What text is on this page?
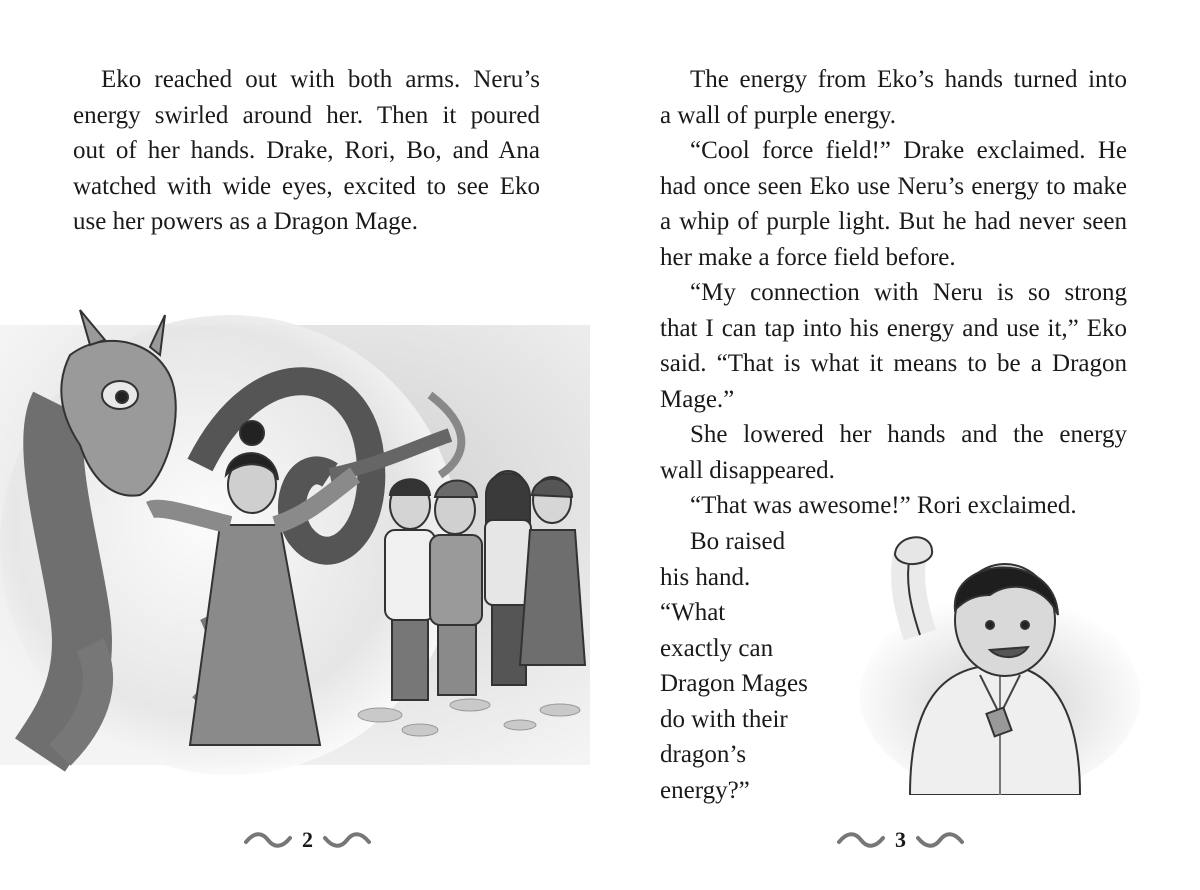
Eko reached out with both arms. Neru’s
energy swirled around her. Then it poured
out of her hands. Drake, Rori, Bo, and Ana
watched with wide eyes, excited to see Eko
use her powers as a Dragon Mage.
2
The energy from Eko’s hands turned into
a wall of purple energy.
“Cool force field!” Drake exclaimed. He
had once seen Eko use Neru’s energy to make
a whip of purple light. But he had never seen
her make a force field before.
“My connection with Neru is so strong
that I can tap into his energy and use it,” Eko
said. “That is what it means to be a Dragon
Mage.”
She lowered her hands and the energy
wall disappeared.
“That was awesome!” Rori exclaimed.
Bo raised
his hand.
“What
exactly can
Dragon Mages
do with their
dragon’s
energy?”
3
